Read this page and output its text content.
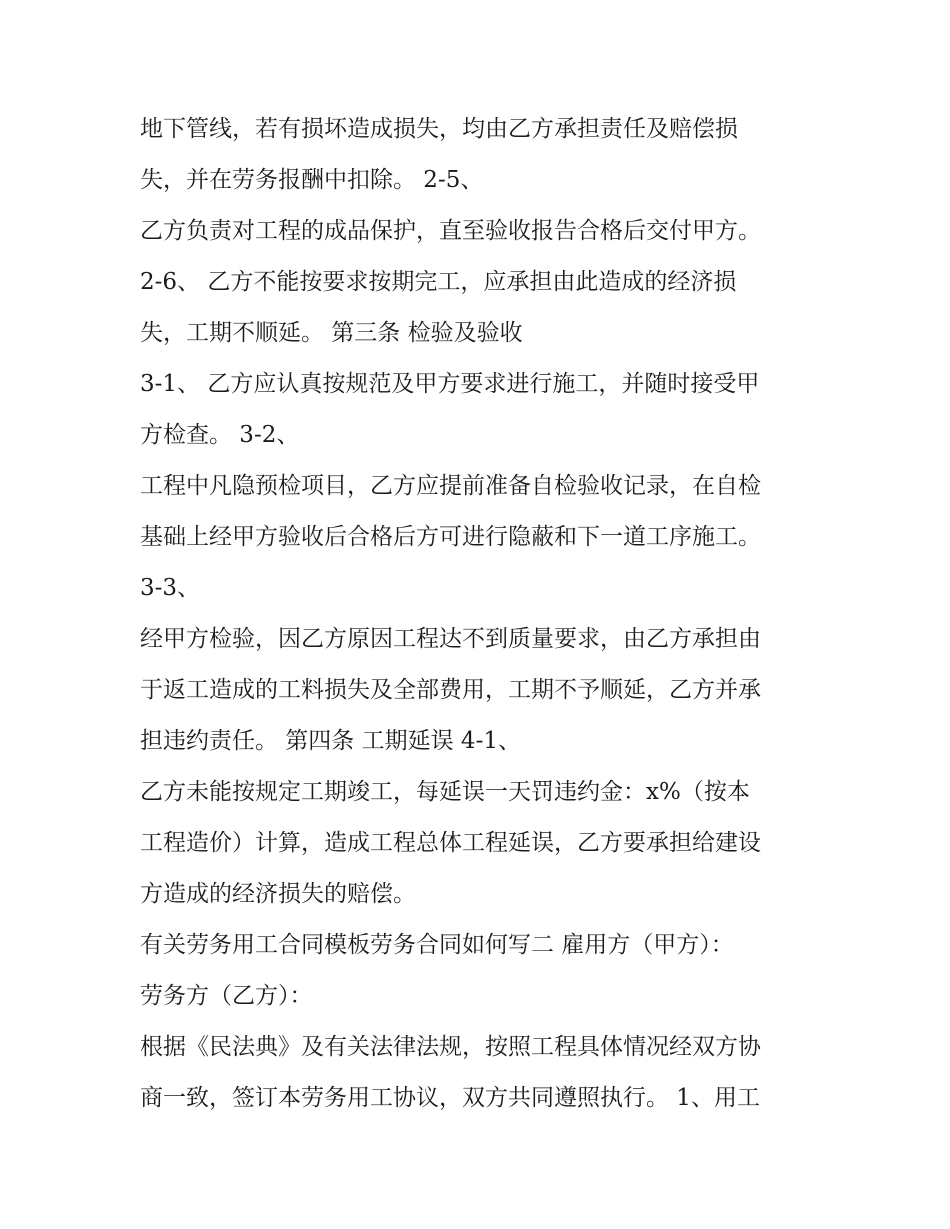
地下管线，若有损坏造成损失，均由乙方承担责任及赔偿损
失，并在劳务报酬中扣除。 2-5、
乙方负责对工程的成品保护，直至验收报告合格后交付甲方。
2-6、 乙方不能按要求按期完工，应承担由此造成的经济损
失，工期不顺延。 第三条 检验及验收
3-1、 乙方应认真按规范及甲方要求进行施工，并随时接受甲
方检查。 3-2、
工程中凡隐预检项目，乙方应提前准备自检验收记录，在自检
基础上经甲方验收后合格后方可进行隐蔽和下一道工序施工。
3-3、
经甲方检验，因乙方原因工程达不到质量要求，由乙方承担由
于返工造成的工料损失及全部费用，工期不予顺延，乙方并承
担违约责任。 第四条 工期延误 4-1、
乙方未能按规定工期竣工，每延误一天罚违约金：x%（按本
工程造价）计算，造成工程总体工程延误，乙方要承担给建设
方造成的经济损失的赔偿。
有关劳务用工合同模板劳务合同如何写二 雇用方（甲方）：
劳务方（乙方）：
根据《民法典》及有关法律法规，按照工程具体情况经双方协
商一致，签订本劳务用工协议，双方共同遵照执行。 1、用工
